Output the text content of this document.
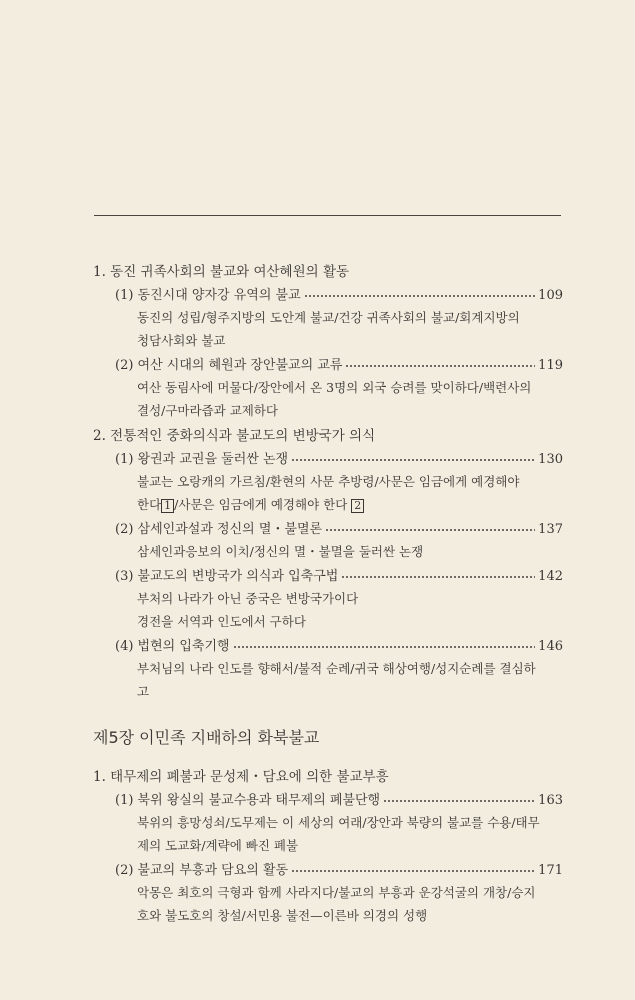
1. 동진 귀족사회의 불교와 여산혜원의 활동
(1) 동진시대 양자강 유역의 불교	109
동진의 성립/형주지방의 도안계 불교/건강 귀족사회의 불교/회계지방의
청담사회와 불교
(2) 여산 시대의 혜원과 장안불교의 교류	119
여산 동림사에 머물다/장안에서 온 3명의 외국 승려를 맞이하다/백련사의
결성/구마라즙과 교제하다
2. 전통적인 중화의식과 불교도의 변방국가 의식
(1) 왕권과 교권을 둘러싼 논쟁	130
불교는 오랑캐의 가르침/환현의 사문 추방령/사문은 임금에게 예경해야
한다 1 /사문은 임금에게 예경해야 한다 2
(2) 삼세인과설과 정신의 멸・불멸론	137
삼세인과응보의 이치/정신의 멸・불멸을 둘러싼 논쟁
(3) 불교도의 변방국가 의식과 입축구법	142
부처의 나라가 아닌 중국은 변방국가이다
경전을 서역과 인도에서 구하다
(4) 법현의 입축기행	146
부처님의 나라 인도를 향해서/불적 순례/귀국 해상여행/성지순례를 결심하
고
제5장 이민족 지배하의 화북불교
1. 태무제의 폐불과 문성제・담요에 의한 불교부흥
(1) 북위 왕실의 불교수용과 태무제의 폐불단행	163
북위의 흥망성쇠/도무제는 이 세상의 여래/장안과 북량의 불교를 수용/태무
제의 도교화/계략에 빠진 폐불
(2) 불교의 부흥과 담요의 활동	171
악몽은 최호의 극형과 함께 사라지다/불교의 부흥과 운강석굴의 개창/승지
호와 불도호의 창설/서민용 불전—이른바 의경의 성행
